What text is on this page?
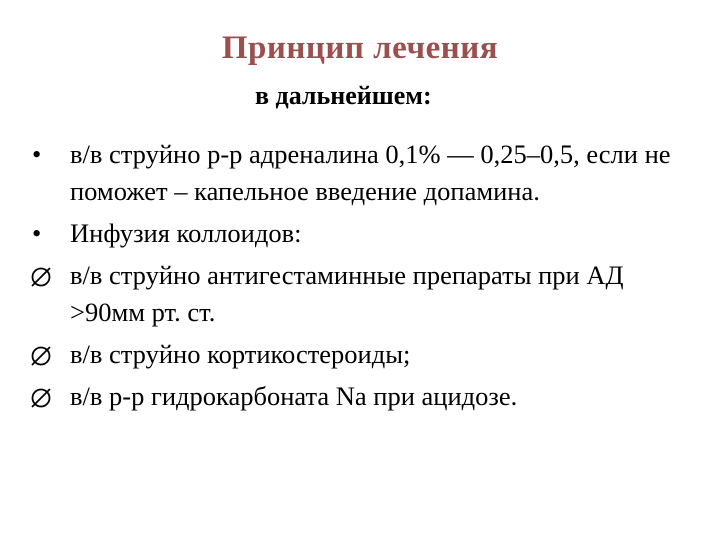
Принцип лечения
в дальнейшем:
•	в/в струйно р-р адреналина 0,1% — 0,25–0,5, если не поможет – капельное введение допамина.
•	Инфузия коллоидов:
в/в струйно антигестаминные препараты при АД >90мм рт. ст.
в/в струйно кортикостероиды;
в/в р-р гидрокарбоната Na при ацидозе.
